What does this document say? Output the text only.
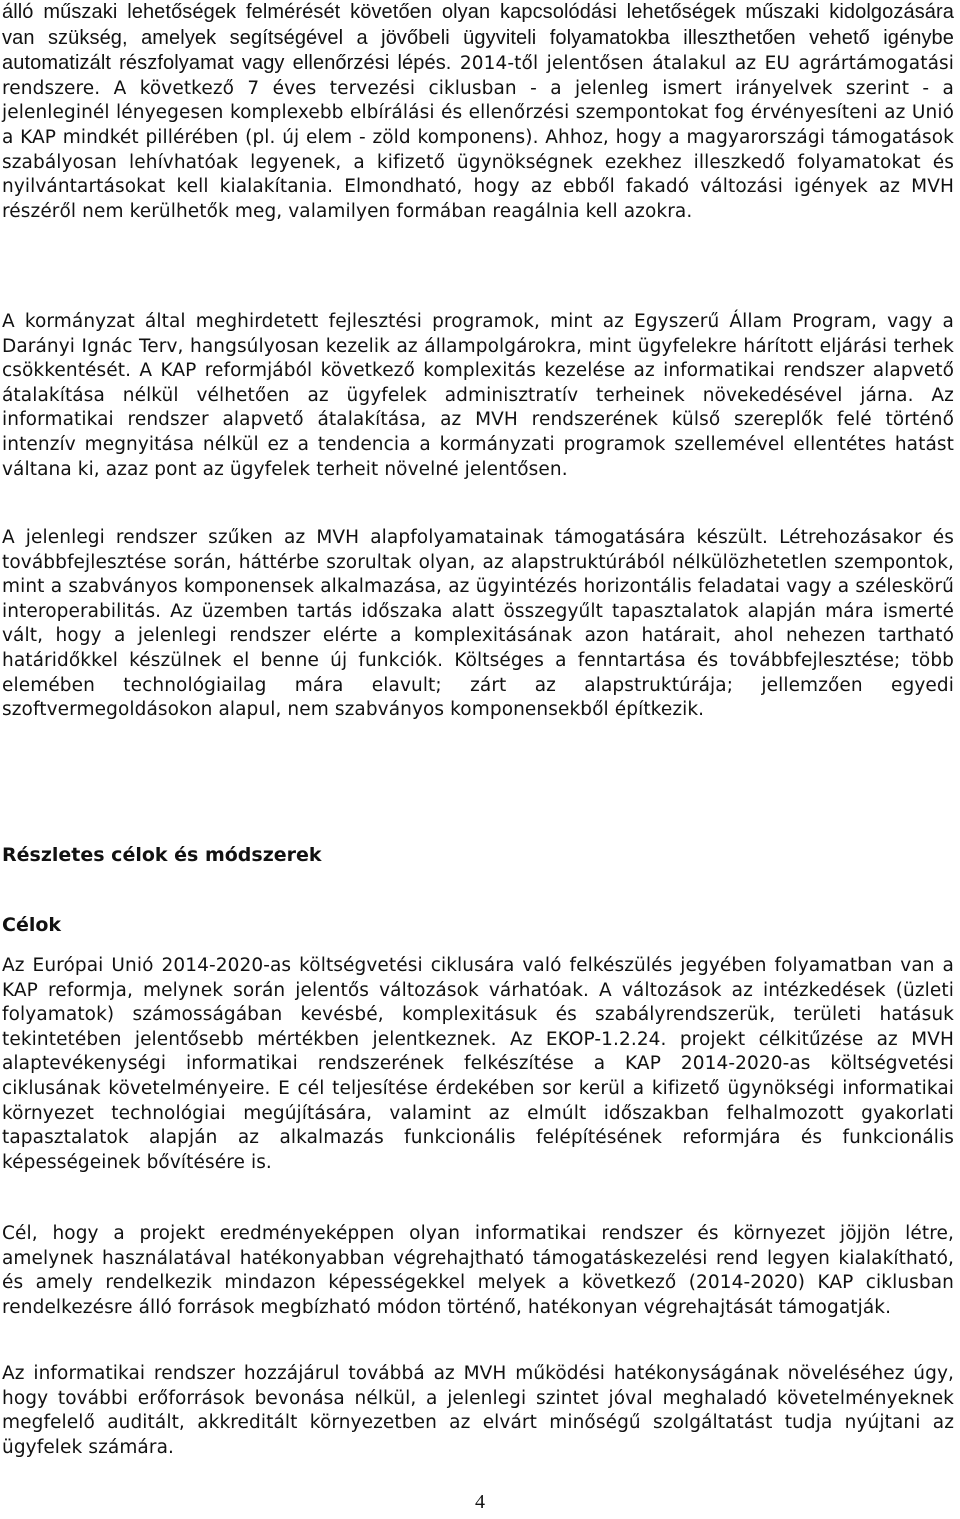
álló műszaki lehetőségek felmérését követően olyan kapcsolódási lehetőségek műszaki kidolgozására van szükség, amelyek segítségével a jövőbeli ügyviteli folyamatokba illeszthetően vehető igénybe automatizált részfolyamat vagy ellenőrzési lépés. 2014-től jelentősen átalakul az EU agrártámogatási rendszere. A következő 7 éves tervezési ciklusban - a jelenleg ismert irányelvek szerint - a jelenleginél lényegesen komplexebb elbírálási és ellenőrzési szempontokat fog érvényesíteni az Unió a KAP mindkét pillérében (pl. új elem - zöld komponens). Ahhoz, hogy a magyarországi támogatások szabályosan lehívhatóak legyenek, a kifizető ügynökségnek ezekhez illeszkedő folyamatokat és nyilvántartásokat kell kialakítania. Elmondható, hogy az ebből fakadó változási igények az MVH részéről nem kerülhetők meg, valamilyen formában reagálnia kell azokra.

A kormányzat által meghirdetett fejlesztési programok, mint az Egyszerű Állam Program, vagy a Darányi Ignác Terv, hangsúlyosan kezelik az állampolgárokra, mint ügyfelekre hárított eljárási terhek csökkentését. A KAP reformjából következő komplexitás kezelése az informatikai rendszer alapvető átalakítása nélkül vélhetően az ügyfelek adminisztratív terheinek növekedésével járna. Az informatikai rendszer alapvető átalakítása, az MVH rendszerének külső szereplők felé történő intenzív megnyitása nélkül ez a tendencia a kormányzati programok szellemével ellentétes hatást váltana ki, azaz pont az ügyfelek terheit növelné jelentősen.

A jelenlegi rendszer szűken az MVH alapfolyamatainak támogatására készült. Létrehozásakor és továbbfejlesztése során, háttérbe szorultak olyan, az alapstruktúrából nélkülözhetetlen szempontok, mint a szabványos komponensek alkalmazása, az ügyintézés horizontális feladatai vagy a széleskörű interoperabilitás. Az üzemben tartás időszaka alatt összegyűlt tapasztalatok alapján mára ismerté vált, hogy a jelenlegi rendszer elérte a komplexitásának azon határait, ahol nehezen tartható határidőkkel készülnek el benne új funkciók. Költséges a fenntartása és továbbfejlesztése; több elemében technológiailag mára elavult; zárt az alapstruktúrája; jellemzően egyedi szoftvermegoldásokon alapul, nem szabványos komponensekből építkezik.

Részletes célok és módszerek
Célok

Az Európai Unió 2014-2020-as költségvetési ciklusára való felkészülés jegyében folyamatban van a KAP reformja, melynek során jelentős változások várhatóak. A változások az intézkedések (üzleti folyamatok) számosságában kevésbé, komplexitásuk és szabályrendszerük, területi hatásuk tekintetében jelentősebb mértékben jelentkeznek. Az EKOP-1.2.24. projekt célkitűzése az MVH alaptevékenységi informatikai rendszerének felkészítése a KAP 2014-2020-as költségvetési ciklusának követelményeire. E cél teljesítése érdekében sor kerül a kifizető ügynökségi informatikai környezet technológiai megújítására, valamint az elmúlt időszakban felhalmozott gyakorlati tapasztalatok alapján az alkalmazás funkcionális felépítésének reformjára és funkcionális képességeinek bővítésére is.

Cél, hogy a projekt eredményeképpen olyan informatikai rendszer és környezet jöjjön létre, amelynek használatával hatékonyabban végrehajtható támogatáskezelési rend legyen kialakítható, és amely rendelkezik mindazon képességekkel melyek a következő (2014-2020) KAP ciklusban rendelkezésre álló források megbízható módon történő, hatékonyan végrehajtását támogatják.

Az informatikai rendszer hozzájárul továbbá az MVH működési hatékonyságának növeléséhez úgy, hogy további erőforrások bevonása nélkül, a jelenlegi szintet jóval meghaladó követelményeknek megfelelő auditált, akkreditált környezetben az elvárt minőségű szolgáltatást tudja nyújtani az ügyfelek számára.

4
